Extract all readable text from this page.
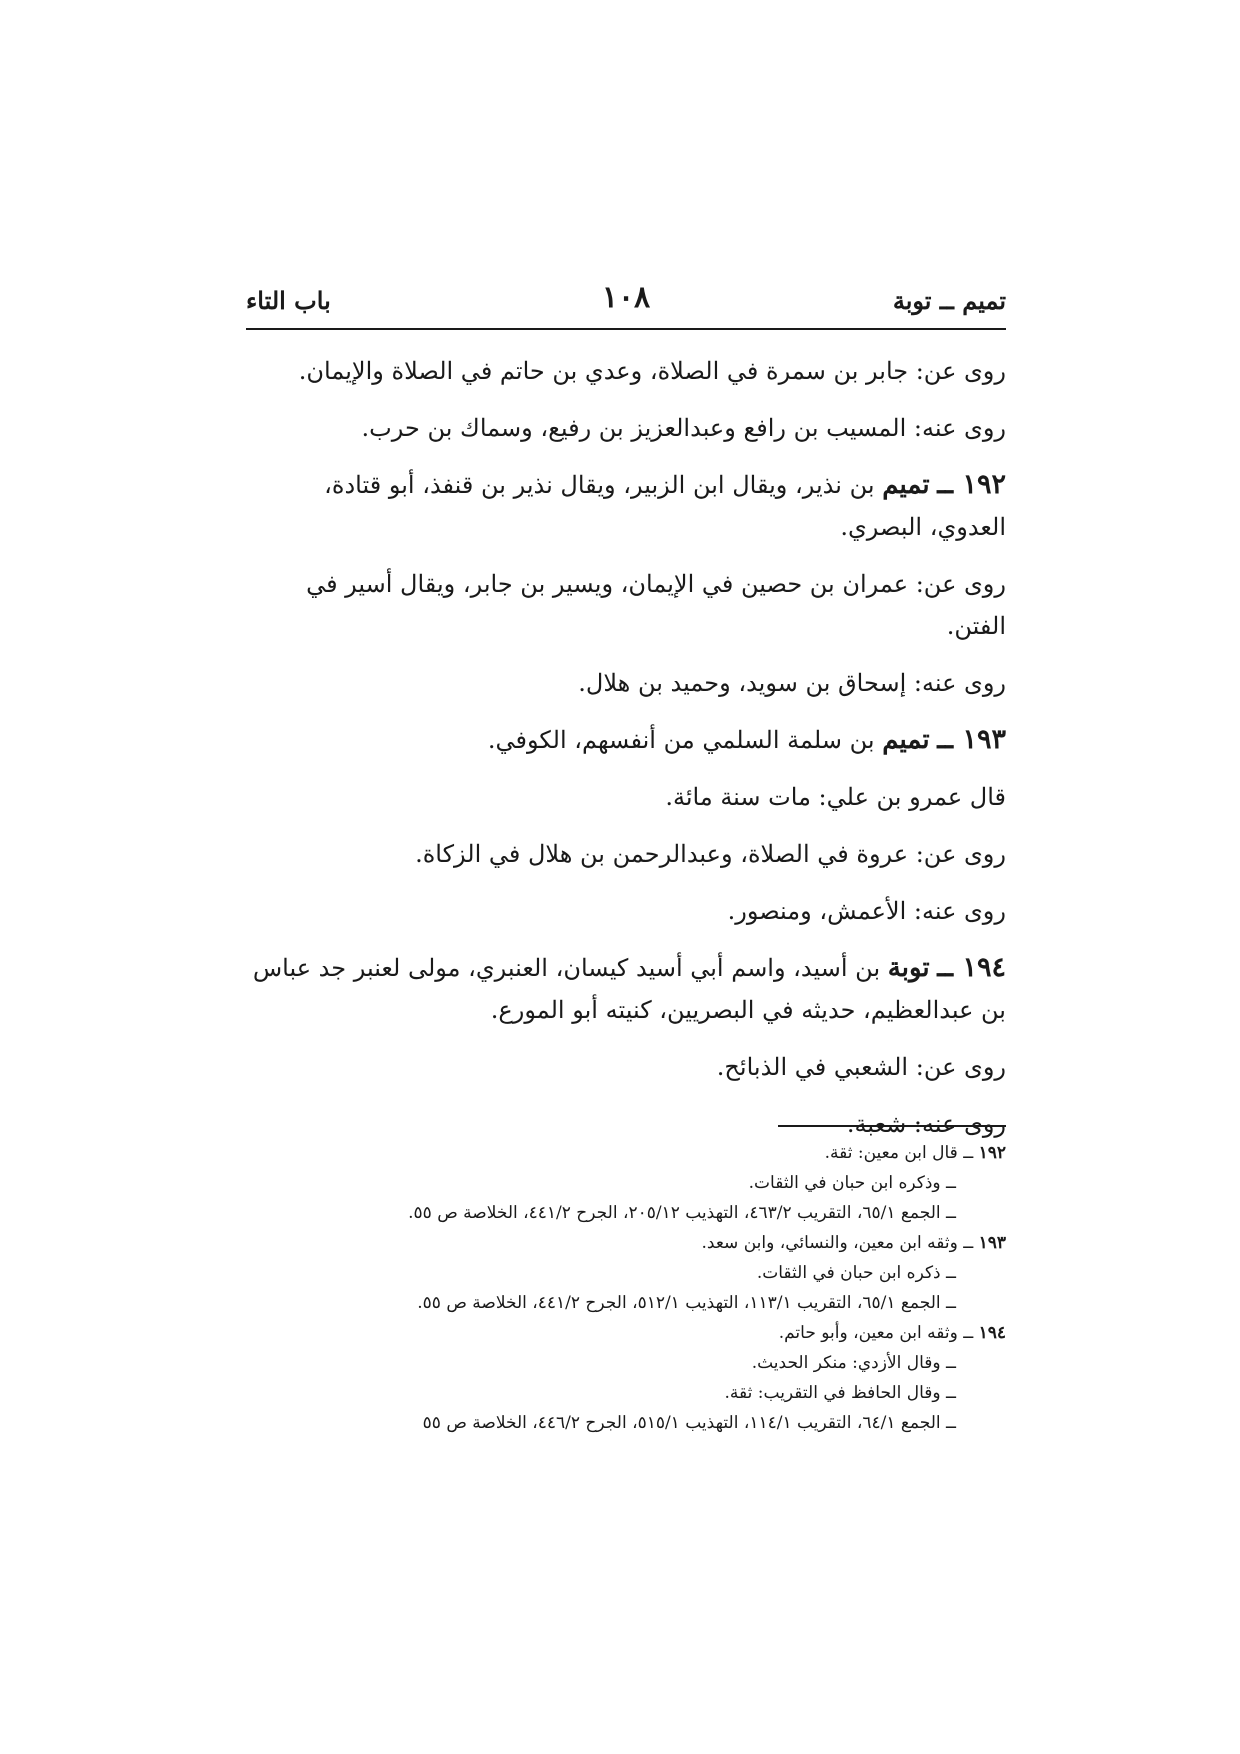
تميم ــ توبة
١٠٨
باب التاء

روى عن: جابر بن سمرة في الصلاة، وعدي بن حاتم في الصلاة والإيمان.

روى عنه: المسيب بن رافع وعبدالعزيز بن رفيع، وسماك بن حرب.

١٩٢ ــ تميم بن نذير، ويقال ابن الزبير، ويقال نذير بن قنفذ، أبو قتادة، العدوي، البصري.

روى عن: عمران بن حصين في الإيمان، ويسير بن جابر، ويقال أسير في الفتن.

روى عنه: إسحاق بن سويد، وحميد بن هلال.

١٩٣ ــ تميم بن سلمة السلمي من أنفسهم، الكوفي.

قال عمرو بن علي: مات سنة مائة.

روى عن: عروة في الصلاة، وعبدالرحمن بن هلال في الزكاة.

روى عنه: الأعمش، ومنصور.

١٩٤ ــ توبة بن أسيد، واسم أبي أسيد كيسان، العنبري، مولى لعنبر جد عباس بن عبدالعظيم، حديثه في البصريين، كنيته أبو المورع.

روى عن: الشعبي في الذبائح.

روى عنه: شعبة.

١٩٢ ــ قال ابن معين: ثقة.
ــ وذكره ابن حبان في الثقات.
ــ الجمع ٦٥/١، التقريب ٤٦٣/٢، التهذيب ٢٠٥/١٢، الجرح ٤٤١/٢، الخلاصة ص ٥٥.
١٩٣ ــ وثقه ابن معين، والنسائي، وابن سعد.
ــ ذكره ابن حبان في الثقات.
ــ الجمع ٦٥/١، التقريب ١١٣/١، التهذيب ٥١٢/١، الجرح ٤٤١/٢، الخلاصة ص ٥٥.
١٩٤ ــ وثقه ابن معين، وأبو حاتم.
ــ وقال الأزدي: منكر الحديث.
ــ وقال الحافظ في التقريب: ثقة.
ــ الجمع ٦٤/١، التقريب ١١٤/١، التهذيب ٥١٥/١، الجرح ٤٤٦/٢، الخلاصة ص ٥٥
